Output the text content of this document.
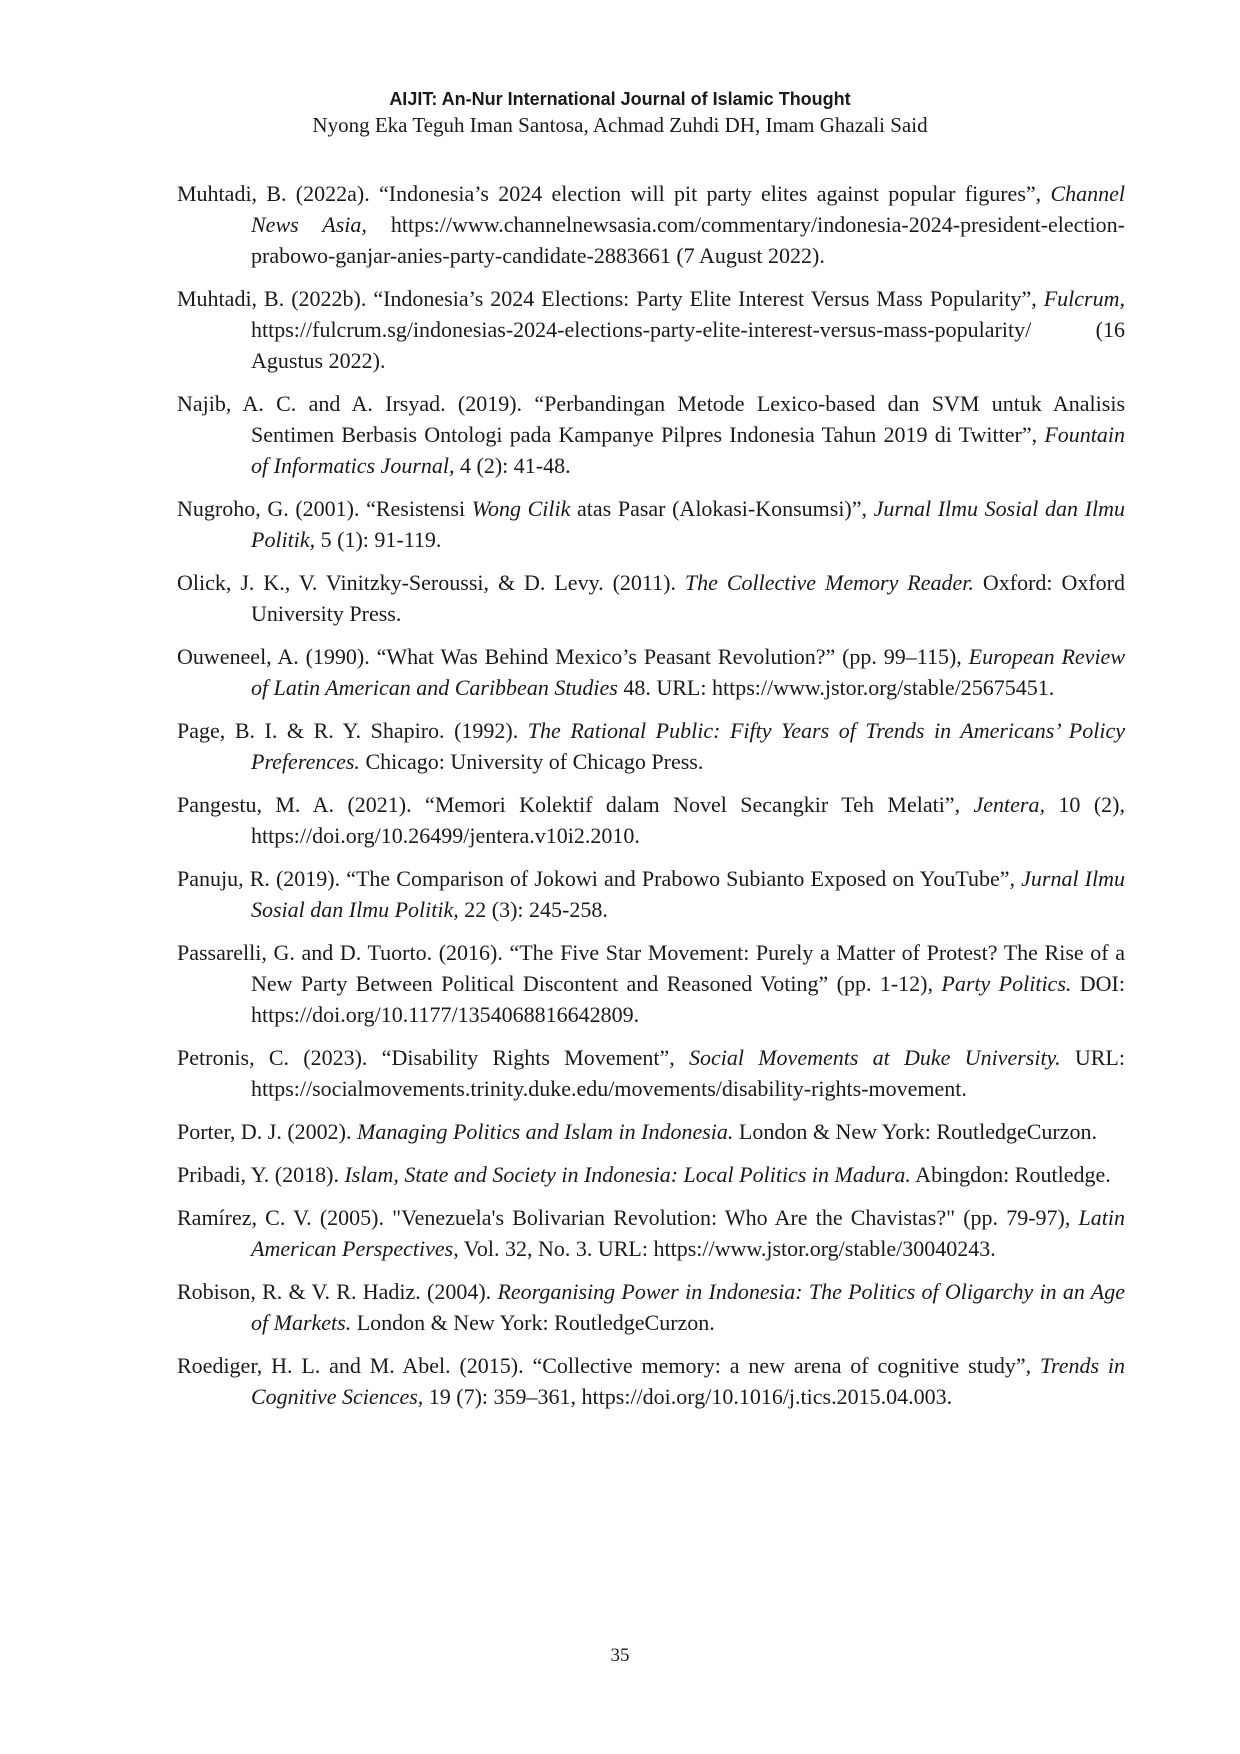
AIJIT: An-Nur International Journal of Islamic Thought
Nyong Eka Teguh Iman Santosa, Achmad Zuhdi DH, Imam Ghazali Said

Muhtadi, B. (2022a). “Indonesia’s 2024 election will pit party elites against popular figures”, Channel News Asia, https://www.channelnewsasia.com/commentary/indonesia-2024-president-election-prabowo-ganjar-anies-party-candidate-2883661 (7 August 2022).

Muhtadi, B. (2022b). “Indonesia’s 2024 Elections: Party Elite Interest Versus Mass Popularity”, Fulcrum, https://fulcrum.sg/indonesias-2024-elections-party-elite-interest-versus-mass-popularity/ (16 Agustus 2022).

Najib, A. C. and A. Irsyad. (2019). “Perbandingan Metode Lexico-based dan SVM untuk Analisis Sentimen Berbasis Ontologi pada Kampanye Pilpres Indonesia Tahun 2019 di Twitter”, Fountain of Informatics Journal, 4 (2): 41-48.

Nugroho, G. (2001). “Resistensi Wong Cilik atas Pasar (Alokasi-Konsumsi)”, Jurnal Ilmu Sosial dan Ilmu Politik, 5 (1): 91-119.

Olick, J. K., V. Vinitzky-Seroussi, & D. Levy. (2011). The Collective Memory Reader. Oxford: Oxford University Press.

Ouweneel, A. (1990). “What Was Behind Mexico’s Peasant Revolution?” (pp. 99–115), European Review of Latin American and Caribbean Studies 48. URL: https://www.jstor.org/stable/25675451.

Page, B. I. & R. Y. Shapiro. (1992). The Rational Public: Fifty Years of Trends in Americans’ Policy Preferences. Chicago: University of Chicago Press.

Pangestu, M. A. (2021). “Memori Kolektif dalam Novel Secangkir Teh Melati”, Jentera, 10 (2), https://doi.org/10.26499/jentera.v10i2.2010.

Panuju, R. (2019). “The Comparison of Jokowi and Prabowo Subianto Exposed on YouTube”, Jurnal Ilmu Sosial dan Ilmu Politik, 22 (3): 245-258.

Passarelli, G. and D. Tuorto. (2016). “The Five Star Movement: Purely a Matter of Protest? The Rise of a New Party Between Political Discontent and Reasoned Voting” (pp. 1-12), Party Politics. DOI: https://doi.org/10.1177/1354068816642809.

Petronis, C. (2023). “Disability Rights Movement”, Social Movements at Duke University. URL: https://socialmovements.trinity.duke.edu/movements/disability-rights-movement.

Porter, D. J. (2002). Managing Politics and Islam in Indonesia. London & New York: RoutledgeCurzon.

Pribadi, Y. (2018). Islam, State and Society in Indonesia: Local Politics in Madura. Abingdon: Routledge.

Ramírez, C. V. (2005). "Venezuela's Bolivarian Revolution: Who Are the Chavistas?" (pp. 79-97), Latin American Perspectives, Vol. 32, No. 3. URL: https://www.jstor.org/stable/30040243.

Robison, R. & V. R. Hadiz. (2004). Reorganising Power in Indonesia: The Politics of Oligarchy in an Age of Markets. London & New York: RoutledgeCurzon.

Roediger, H. L. and M. Abel. (2015). “Collective memory: a new arena of cognitive study”, Trends in Cognitive Sciences, 19 (7): 359–361, https://doi.org/10.1016/j.tics.2015.04.003.

35
